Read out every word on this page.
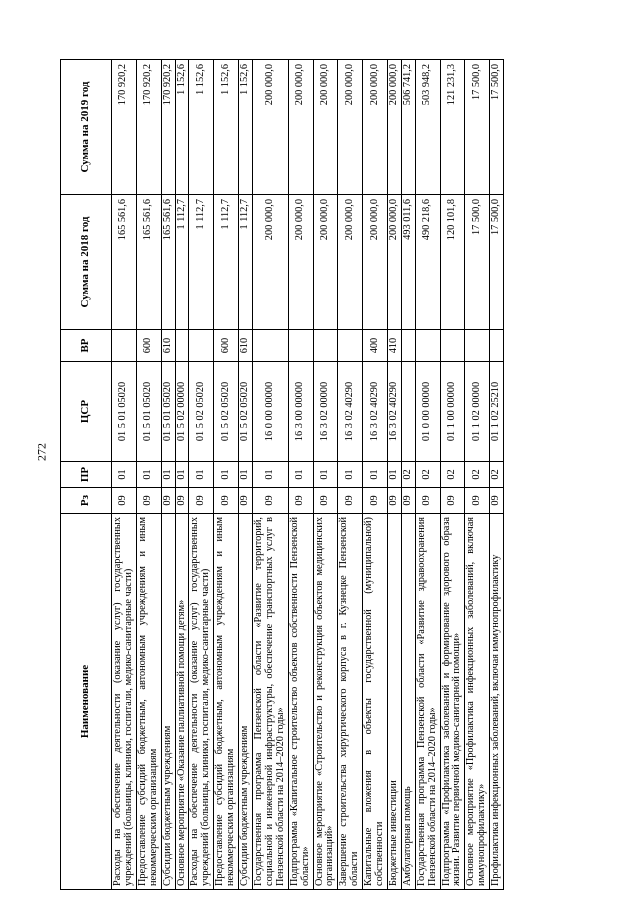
272
Наименование	Рз	ПР	ЦСР	ВР	Сумма на 2018 год	Сумма на 2019 год
Расходы на обеспечение деятельности (оказание услуг) государственных учреждений (больницы, клиники, госпитали, медико-санитарные части)	09	01	01 5 01 05020		165 561,6	170 920,2
Предоставление субсидий бюджетным, автономным учреждениям и иным некоммерческим организациям	09	01	01 5 01 05020	600	165 561,6	170 920,2
Субсидии бюджетным учреждениям	09	01	01 5 01 05020	610	165 561,6	170 920,2
Основное мероприятие «Оказание паллиативной помощи детям»	09	01	01 5 02 00000		1 112,7	1 152,6
Расходы на обеспечение деятельности (оказание услуг) государственных учреждений (больницы, клиники, госпитали, медико-санитарные части)	09	01	01 5 02 05020		1 112,7	1 152,6
Предоставление субсидий бюджетным, автономным учреждениям и иным некоммерческим организациям	09	01	01 5 02 05020	600	1 112,7	1 152,6
Субсидии бюджетным учреждениям	09	01	01 5 02 05020	610	1 112,7	1 152,6
Государственная программа Пензенской области «Развитие территорий, социальной и инженерной инфраструктуры, обеспечение транспортных услуг в Пензенской области на 2014–2020 годы»	09	01	16 0 00 00000		200 000,0	200 000,0
Подпрограмма «Капитальное строительство объектов собственности Пензенской области»	09	01	16 3 00 00000		200 000,0	200 000,0
Основное мероприятие «Строительство и реконструкция объектов медицинских организаций»	09	01	16 3 02 00000		200 000,0	200 000,0
Завершение строительства хирургического корпуса в г. Кузнецке Пензенской области	09	01	16 3 02 40290		200 000,0	200 000,0
Капитальные вложения в объекты государственной (муниципальной) собственности	09	01	16 3 02 40290	400	200 000,0	200 000,0
Бюджетные инвестиции	09	01	16 3 02 40290	410	200 000,0	200 000,0
Амбулаторная помощь	09	02			493 011,6	506 741,2
Государственная программа Пензенской области «Развитие здравоохранения Пензенской области на 2014–2020 годы»	09	02	01 0 00 00000		490 218,6	503 948,2
Подпрограмма «Профилактика заболеваний и формирование здорового образа жизни. Развитие первичной медико-санитарной помощи»	09	02	01 1 00 00000		120 101,8	121 231,3
Основное мероприятие «Профилактика инфекционных заболеваний, включая иммунопрофилактику»	09	02	01 1 02 00000		17 500,0	17 500,0
Профилактика инфекционных заболеваний, включая иммунопрофилактику	09	02	01 1 02 25210		17 500,0	17 500,0
